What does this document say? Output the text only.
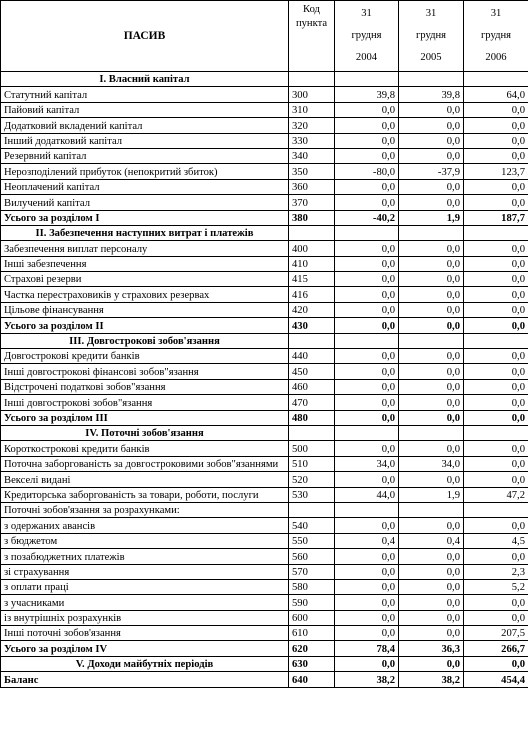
ПАСИВ	Код
пункта	31
грудня
2004	31
грудня
2005	31
грудня
2006

I. Власний капітал				
Статутний капітал	300	39,8	39,8	64,0
Пайовий капітал	310	0,0	0,0	0,0
Додатковий вкладений капітал	320	0,0	0,0	0,0
Інший додатковий капітал	330	0,0	0,0	0,0
Резервний капітал	340	0,0	0,0	0,0
Нерозподілений прибуток (непокритий збиток)	350	-80,0	-37,9	123,7
Неоплачений капітал	360	0,0	0,0	0,0
Вилучений капітал	370	0,0	0,0	0,0
Усього за розділом І	380	-40,2	1,9	187,7
II. Забезпечення наступних витрат і платежів				
Забезпечення виплат персоналу	400	0,0	0,0	0,0
Інші забезпечення	410	0,0	0,0	0,0
Страхові резерви	415	0,0	0,0	0,0
Частка перестраховиків у страхових резервах	416	0,0	0,0	0,0
Цільове фінансування	420	0,0	0,0	0,0
Усього за розділом ІІ	430	0,0	0,0	0,0
III. Довгострокові зобов'язання				
Довгострокові кредити банків	440	0,0	0,0	0,0
Інші довгострокові фінансові зобов"язання	450	0,0	0,0	0,0
Відстрочені податкові зобов"язання	460	0,0	0,0	0,0
Інші довгострокові зобов"язання	470	0,0	0,0	0,0
Усього за розділом ІІІ	480	0,0	0,0	0,0
IV. Поточні зобов'язання				
Короткострокові кредити банків	500	0,0	0,0	0,0
Поточна заборгованість за довгостроковими зобов"язаннями	510	34,0	34,0	0,0
Векселі видані	520	0,0	0,0	0,0
Кредиторська заборгованість за товари, роботи, послуги	530	44,0	1,9	47,2
Поточні зобов'язання за розрахунками:				
з одержаних авансів	540	0,0	0,0	0,0
з бюджетом	550	0,4	0,4	4,5
з позабюджетних платежів	560	0,0	0,0	0,0
зі страхування	570	0,0	0,0	2,3
з оплати праці	580	0,0	0,0	5,2
з учасниками	590	0,0	0,0	0,0
із внутрішніх розрахунків	600	0,0	0,0	0,0
Інші поточні зобов'язання	610	0,0	0,0	207,5
Усього за розділом IV	620	78,4	36,3	266,7
V. Доходи майбутніх періодів	630	0,0	0,0	0,0
Баланс	640	38,2	38,2	454,4
